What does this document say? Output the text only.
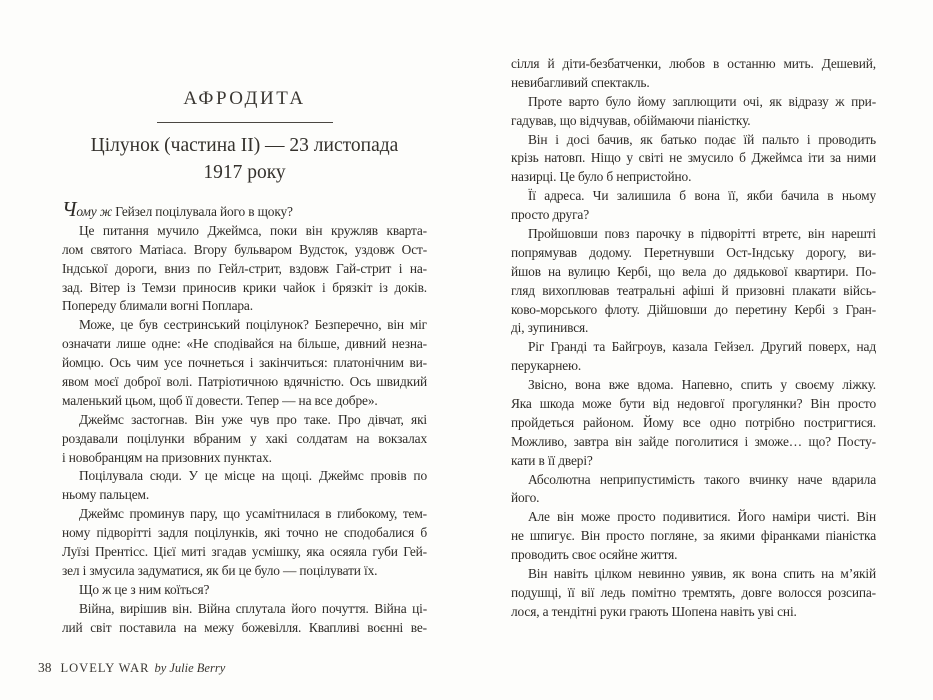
АФРОДИТА
Цілунок (частина II) — 23 листопада
1917 року
Чому ж Гейзел поцілувала його в щоку?
Це питання мучило Джеймса, поки він кружляв кварта-
лом святого Матіаса. Вгору бульваром Вудсток, уздовж Ост-
Індської дороги, вниз по Гейл-стрит, вздовж Гай-стрит і на-
зад. Вітер із Темзи приносив крики чайок і брязкіт із доків.
Попереду блимали вогні Поплара.
Може, це був сестринський поцілунок? Безперечно, він міг
означати лише одне: «Не сподівайся на більше, дивний незна-
йомцю. Ось чим усе почнеться і закінчиться: платонічним ви-
явом моєї доброї волі. Патріотичною вдячністю. Ось швидкий
маленький цьом, щоб її довести. Тепер — на все добре».
Джеймс застогнав. Він уже чув про таке. Про дівчат, які
роздавали поцілунки вбраним у хакі солдатам на вокзалах
і новобранцям на призовних пунктах.
Поцілувала сюди. У це місце на щоці. Джеймс провів по
ньому пальцем.
Джеймс проминув пару, що усамітнилася в глибокому, тем-
ному підворітті задля поцілунків, які точно не сподобалися б
Луїзі Прентісс. Цієї миті згадав усмішку, яка осяяла губи Гей-
зел і змусила задуматися, як би це було — поцілувати їх.
Що ж це з ним коїться?
Війна, вирішив він. Війна сплутала його почуття. Війна ці-
лий світ поставила на межу божевілля. Квапливі воєнні ве-
сілля й діти-безбатченки, любов в останню мить. Дешевий,
невибагливий спектакль.
Проте варто було йому заплющити очі, як відразу ж при-
гадував, що відчував, обіймаючи піаністку.
Він і досі бачив, як батько подає їй пальто і проводить
крізь натовп. Ніщо у світі не змусило б Джеймса іти за ними
назирці. Це було б непристойно.
Її адреса. Чи залишила б вона її, якби бачила в ньому
просто друга?
Пройшовши повз парочку в підворітті втретє, він нарешті
попрямував додому. Перетнувши Ост-Індську дорогу, ви-
йшов на вулицю Кербі, що вела до дядькової квартири. По-
гляд вихоплював театральні афіші й призовні плакати війсь-
ково-морського флоту. Дійшовши до перетину Кербі з Гран-
ді, зупинився.
Ріг Гранді та Байгроув, казала Гейзел. Другий поверх, над
перукарнею.
Звісно, вона вже вдома. Напевно, спить у своєму ліжку.
Яка шкода може бути від недовгої прогулянки? Він просто
пройдеться районом. Йому все одно потрібно постригтися.
Можливо, завтра він зайде поголитися і зможе… що? Посту-
кати в її двері?
Абсолютна неприпустимість такого вчинку наче вдарила
його.
Але він може просто подивитися. Його наміри чисті. Він
не шпигує. Він просто погляне, за якими фіранками піаністка
проводить своє осяйне життя.
Він навіть цілком невинно уявив, як вона спить на м’якій
подушці, її вії ледь помітно тремтять, довге волосся розсипа-
лося, а тендітні руки грають Шопена навіть уві сні.
38 LOVELY WAR by Julie Berry
